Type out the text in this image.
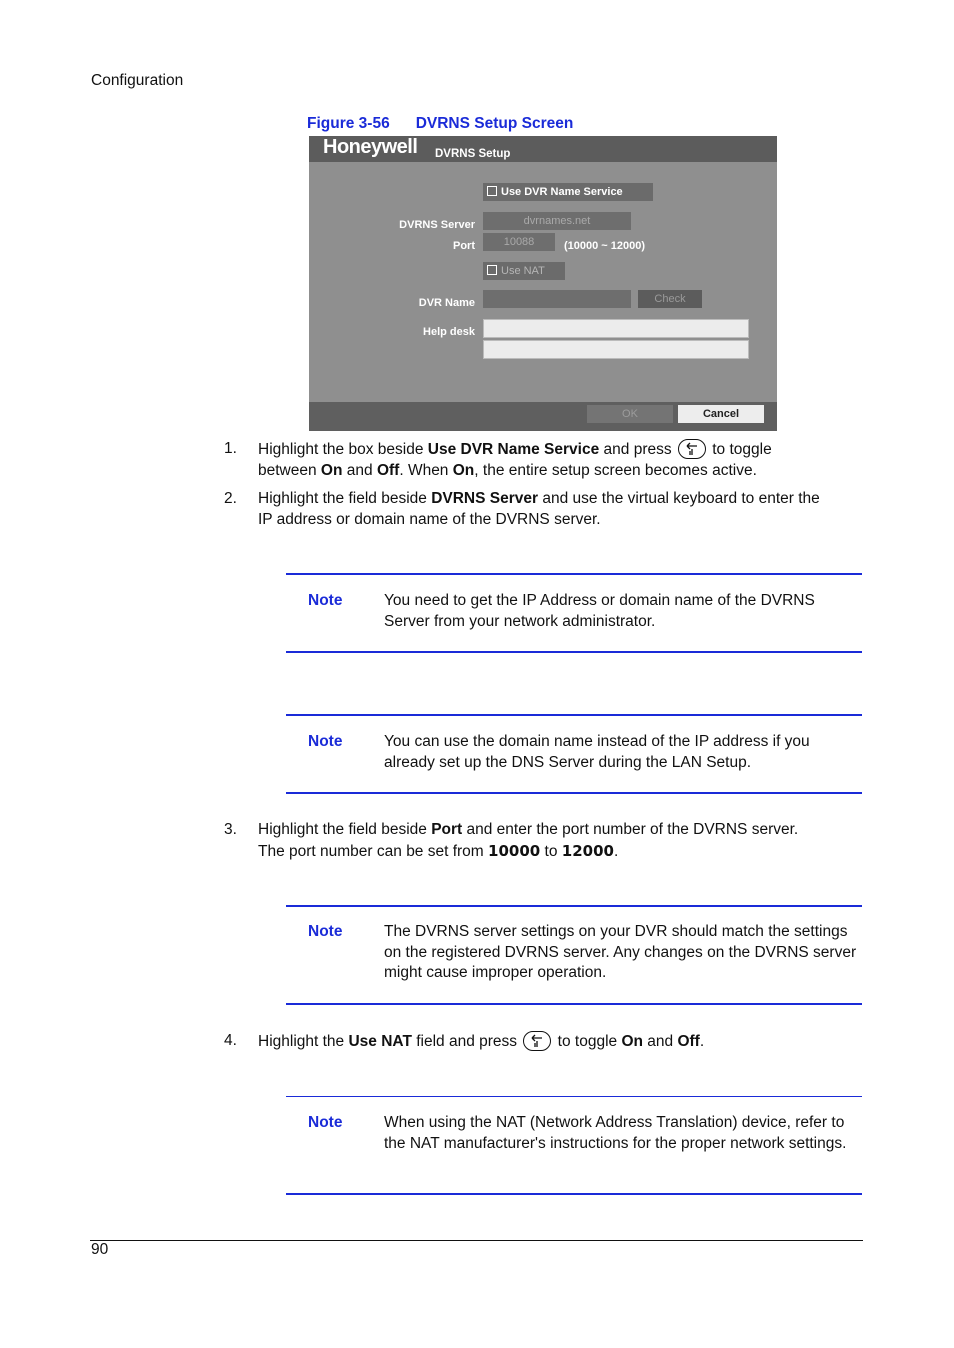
Configuration
Figure 3-56 DVRNS Setup Screen
Honeywell DVRNS Setup
Use DVR Name Service
DVRNS Server	dvrnames.net
Port	10088	(10000 ~ 12000)
Use NAT
DVR Name	Check
Help desk
OK	Cancel
1. Highlight the box beside Use DVR Name Service and press
to toggle
between On and Off. When On, the entire setup screen becomes active.
2. Highlight the field beside DVRNS Server and use the virtual keyboard to enter the
IP address or domain name of the DVRNS server.
Note	You need to get the IP Address or domain name of the DVRNS Server from your network administrator.
Note	You can use the domain name instead of the IP address if you already set up the DNS Server during the LAN Setup.
3. Highlight the field beside Port and enter the port number of the DVRNS server.
The port number can be set from 10000 to 12000.
Note	The DVRNS server settings on your DVR should match the settings on the registered DVRNS server. Any changes on the DVRNS server might cause improper operation.
4. Highlight the Use NAT field and press
to toggle On and Off.
Note	When using the NAT (Network Address Translation) device, refer to the NAT manufacturer's instructions for the proper network settings.
90
